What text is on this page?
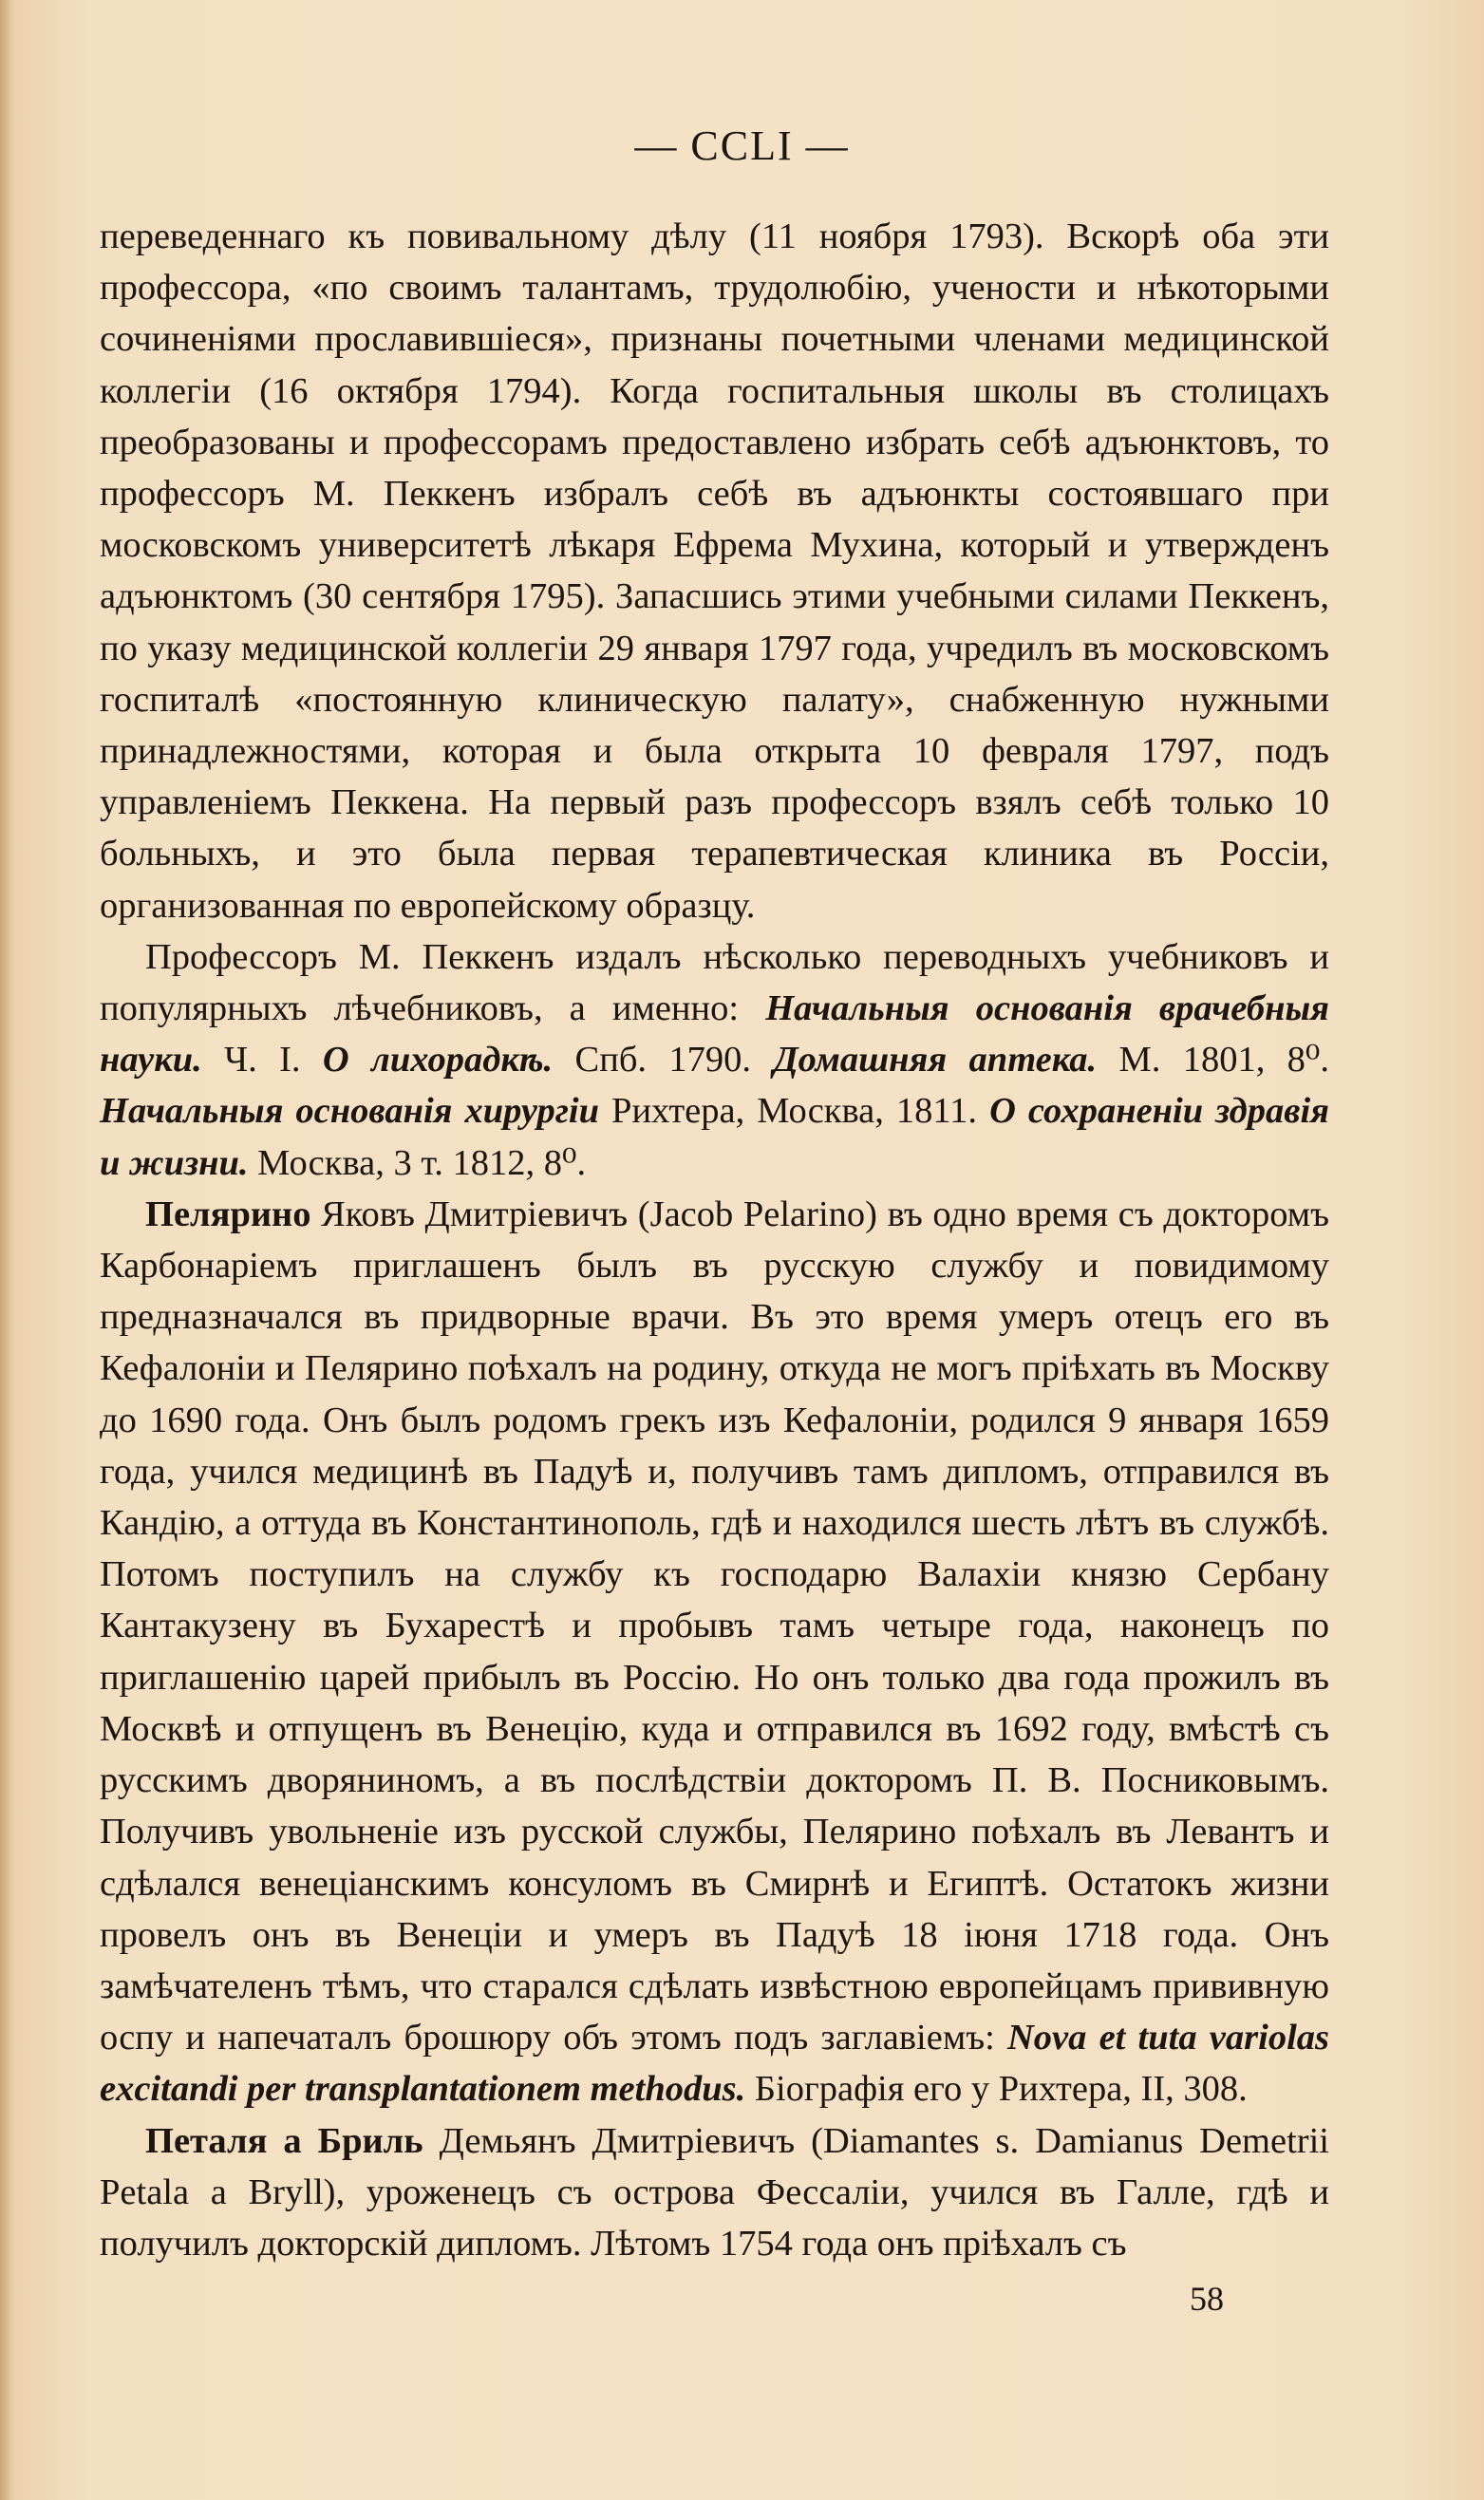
— CCLI —

переведеннаго къ повивальному дѣлу (11 ноября 1793). Вскорѣ оба эти профессора, «по своимъ талантамъ, трудолюбію, учености и нѣкоторыми сочиненіями прославившіеся», признаны почетными членами медицинской коллегіи (16 октября 1794). Когда госпитальныя школы въ столицахъ преобразованы и профессорамъ предоставлено избрать себѣ адъюнктовъ, то профессоръ М. Пеккенъ избралъ себѣ въ адъюнкты состоявшаго при московскомъ университетѣ лѣкаря Ефрема Мухина, который и утвержденъ адъюнктомъ (30 сентября 1795). Запасшись этими учебными силами Пеккенъ, по указу медицинской коллегіи 29 января 1797 года, учредилъ въ московскомъ госпиталѣ «постоянную клиническую палату», снабженную нужными принадлежностями, которая и была открыта 10 февраля 1797, подъ управленіемъ Пеккена. На первый разъ профессоръ взялъ себѣ только 10 больныхъ, и это была первая терапевтическая клиника въ Россіи, организованная по европейскому образцу.

Профессоръ М. Пеккенъ издалъ нѣсколько переводныхъ учебниковъ и популярныхъ лѣчебниковъ, а именно: Начальныя основанія врачебныя науки. Ч. I. О лихорадкѣ. Спб. 1790. Домашняя аптека. М. 1801, 8⁰. Начальныя основанія хирургіи Рихтера, Москва, 1811. О сохраненіи здравія и жизни. Москва, 3 т. 1812, 8⁰.

Пелярино Яковъ Дмитріевичъ (Jacob Pelarino) въ одно время съ докторомъ Карбонаріемъ приглашенъ былъ въ русскую службу и повидимому предназначался въ придворные врачи. Въ это время умеръ отецъ его въ Кефалоніи и Пелярино поѣхалъ на родину, откуда не могъ пріѣхать въ Москву до 1690 года. Онъ былъ родомъ грекъ изъ Кефалоніи, родился 9 января 1659 года, учился медицинѣ въ Падуѣ и, получивъ тамъ дипломъ, отправился въ Кандію, а оттуда въ Константинополь, гдѣ и находился шесть лѣтъ въ службѣ. Потомъ поступилъ на службу къ господарю Валахіи князю Сербану Кантакузену въ Бухарестѣ и пробывъ тамъ четыре года, наконецъ по приглашенію царей прибылъ въ Россію. Но онъ только два года прожилъ въ Москвѣ и отпущенъ въ Венецію, куда и отправился въ 1692 году, вмѣстѣ съ русскимъ дворяниномъ, а въ послѣдствіи докторомъ П. В. Посниковымъ. Получивъ увольненіе изъ русской службы, Пелярино поѣхалъ въ Левантъ и сдѣлался венеціанскимъ консуломъ въ Смирнѣ и Египтѣ. Остатокъ жизни провелъ онъ въ Венеціи и умеръ въ Падуѣ 18 іюня 1718 года. Онъ замѣчателенъ тѣмъ, что старался сдѣлать извѣстною европейцамъ прививную оспу и напечаталъ брошюру объ этомъ подъ заглавіемъ: Nova et tuta variolas excitandi per transplantationem methodus. Біографія его у Рихтера, II, 308.

Петаля а Бриль Демьянъ Дмитріевичъ (Diamantes s. Damianus Demetrii Petala a Bryll), уроженецъ съ острова Фессаліи, учился въ Галле, гдѣ и получилъ докторскій дипломъ. Лѣтомъ 1754 года онъ пріѣхалъ съ

58
